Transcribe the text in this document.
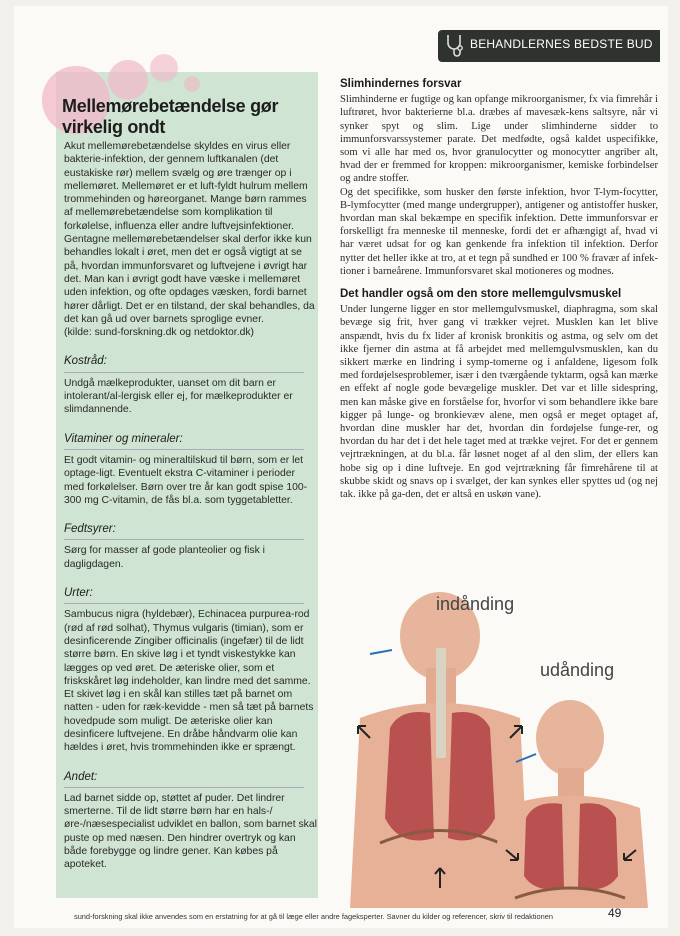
BEHANDLERNES BEDSTE BUD
Mellemørebetændelse gør virkelig ondt

Akut mellemørebetændelse skyldes en virus eller bakterie-infektion, der gennem luftkanalen (det eustakiske rør) mellem svælg og øre trænger op i mellemøret. Mellemøret er et luft-fyldt hulrum mellem trommehinden og høreorganet. Mange børn rammes af mellemørebetændelse som komplikation til forkølelse, influenza eller andre luftvejsinfektioner. Gentagne mellemørebetændelser skal derfor ikke kun behandles lokalt i øret, men det er også vigtigt at se på, hvordan immunforsvaret og luftvejene i øvrigt har det. Man kan i øvrigt godt have væske i mellemøret uden infektion, og ofte opdages væsken, fordi barnet hører dårligt. Det er en tilstand, der skal behandles, da det kan gå ud over barnets sproglige evner.

(kilde: sund-forskning.dk og netdoktor.dk)

Kostråd:

Undgå mælkeprodukter, uanset om dit barn er intolerant/al-lergisk eller ej, for mælkeprodukter er slimdannende.

Vitaminer og mineraler:

Et godt vitamin- og mineraltilskud til børn, som er let optage-ligt. Eventuelt ekstra C-vitaminer i perioder med forkølelser. Børn over tre år kan godt spise 100-300 mg C-vitamin, de fås bl.a. som tyggetabletter.

Fedtsyrer:

Sørg for masser af gode planteolier og fisk i dagligdagen.

Urter:

Sambucus nigra (hyldebær), Echinacea purpurea-rod (rød af rød solhat), Thymus vulgaris (timian), som er desinficerende Zingiber officinalis (ingefær) til de lidt større børn. En skive løg i et tyndt viskestykke kan lægges op ved øret. De æteriske olier, som et friskskåret løg indeholder, kan lindre med det samme. Et skivet løg i en skål kan stilles tæt på barnet om natten - uden for ræk-kevidde - men så tæt på barnets hovedpude som muligt. De æteriske olier kan desinficere luftvejene. En dråbe håndvarm olie kan hældes i øret, hvis trommehinden ikke er sprængt.

Andet:

Lad barnet sidde op, støttet af puder. Det lindrer smerterne. Til de lidt større børn har en hals-/øre-/næsespecialist udviklet en ballon, som barnet skal puste op med næsen. Den hindrer overtryk og kan både forebygge og lindre gener. Kan købes på apoteket.

Slimhindernes forsvar

Slimhinderne er fugtige og kan opfange mikroorganismer, fx via fimrehår i luftrøret, hvor bakterierne bl.a. dræbes af mavesæk-kens saltsyre, når vi synker spyt og slim. Lige under slimhinderne sidder to immunforsvarssystemer parate. Det medfødte, også kaldet uspecifikke, som vi alle har med os, hvor granulocytter og monocytter angriber alt, hvad der er fremmed for kroppen: mikroorganismer, kemiske forbindelser og andre stoffer.

Og det specifikke, som husker den første infektion, hvor T-lym-focytter, B-lymfocytter (med mange undergrupper), antigener og antistoffer husker, hvordan man skal bekæmpe en specifik infektion. Dette immunforsvar er forskelligt fra menneske til menneske, fordi det er afhængigt af, hvad vi har været udsat for og kan genkende fra infektion til infektion. Derfor nytter det heller ikke at tro, at et tegn på sundhed er 100 % fravær af infek-tioner i barneårene. Immunforsvaret skal motioneres og modnes.

Det handler også om den store mellemgulvsmuskel

Under lungerne ligger en stor mellemgulvsmuskel, diaphragma, som skal bevæge sig frit, hver gang vi trækker vejret. Musklen kan let blive anspændt, hvis du fx lider af kronisk bronkitis og astma, og selv om det ikke fjerner din astma at få arbejdet med mellemgulvsmusklen, kan du sikkert mærke en lindring i symp-tomerne og i anfaldene, ligesom folk med fordøjelsesproblemer, især i den tværgående tyktarm, også kan mærke en effekt af nogle gode bevægelige muskler. Det var et lille sidespring, men kan måske give en forståelse for, hvorfor vi som behandlere ikke bare kigger på lunge- og bronkievæv alene, men også er meget optaget af, hvordan dine muskler har det, hvordan din fordøjelse funge-rer, og hvordan du har det i det hele taget med at trække vejret. For det er gennem vejrtrækningen, at du bl.a. får løsnet noget af al den slim, der ellers kan hobe sig op i dine luftveje. En god vejrtrækning får fimrehårene til at skubbe skidt og snavs op i svælget, der kan synkes eller spyttes ud (og nej tak. ikke på ga-den, det er altså en uskøn vane).

indånding
udånding
sund-forskning skal ikke anvendes som en erstatning for at gå til læge eller andre fageksperter. Savner du kilder og referencer, skriv til redaktionen	49
